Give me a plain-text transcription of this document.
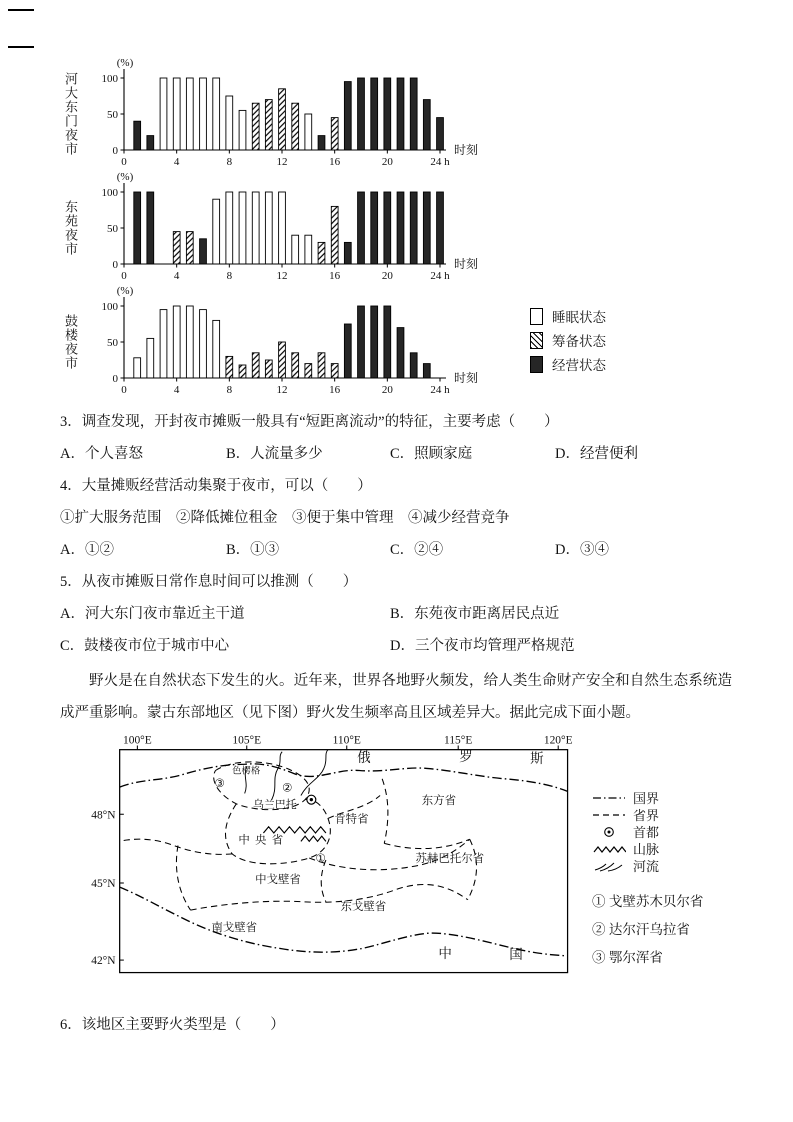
河大东门夜市	0
50
100
(%)
0	4	8	12	16	20	24 h
时刻
东苑夜市
0
50
100
(%)
0	4	8	12	16	20	24 h
时刻
鼓楼夜市
0
50
100
(%)
0	4	8	12	16	20	24 h
时刻
睡眠状态
筹备状态
经营状态

3．调查发现，开封夜市摊贩一般具有“短距离流动”的特征，主要考虑（　　）

A．个人喜怒	B．人流量多少	C．照顾家庭	D．经营便利

4．大量摊贩经营活动集聚于夜市，可以（　　）

①扩大服务范围　②降低摊位租金　③便于集中管理　④减少经营竞争

A．①②	B．①③	C．②④	D．③④

5．从夜市摊贩日常作息时间可以推测（　　）

A．河大东门夜市靠近主干道	B．东苑夜市距离居民点近
C．鼓楼夜市位于城市中心	D．三个夜市均管理严格规范

野火是在自然状态下发生的火。近年来，世界各地野火频发，给人类生命财产安全和自然生态系统造成严重影响。蒙古东部地区（见下图）野火发生频率高且区域差异大。据此完成下面小题。

100°E	105°E	110°E	115°E	120°E
48°N
45°N
42°N
俄	罗	斯
色楞格
③	②
乌兰巴托
肯特省
东方省
中央省
①	苏赫巴托尔省
中戈壁省
东戈壁省
南戈壁省
中	国
国界
省界
首都
山脉
河流

① 戈壁苏木贝尔省

② 达尔汗乌拉省

③ 鄂尔浑省

6．该地区主要野火类型是（　　）
